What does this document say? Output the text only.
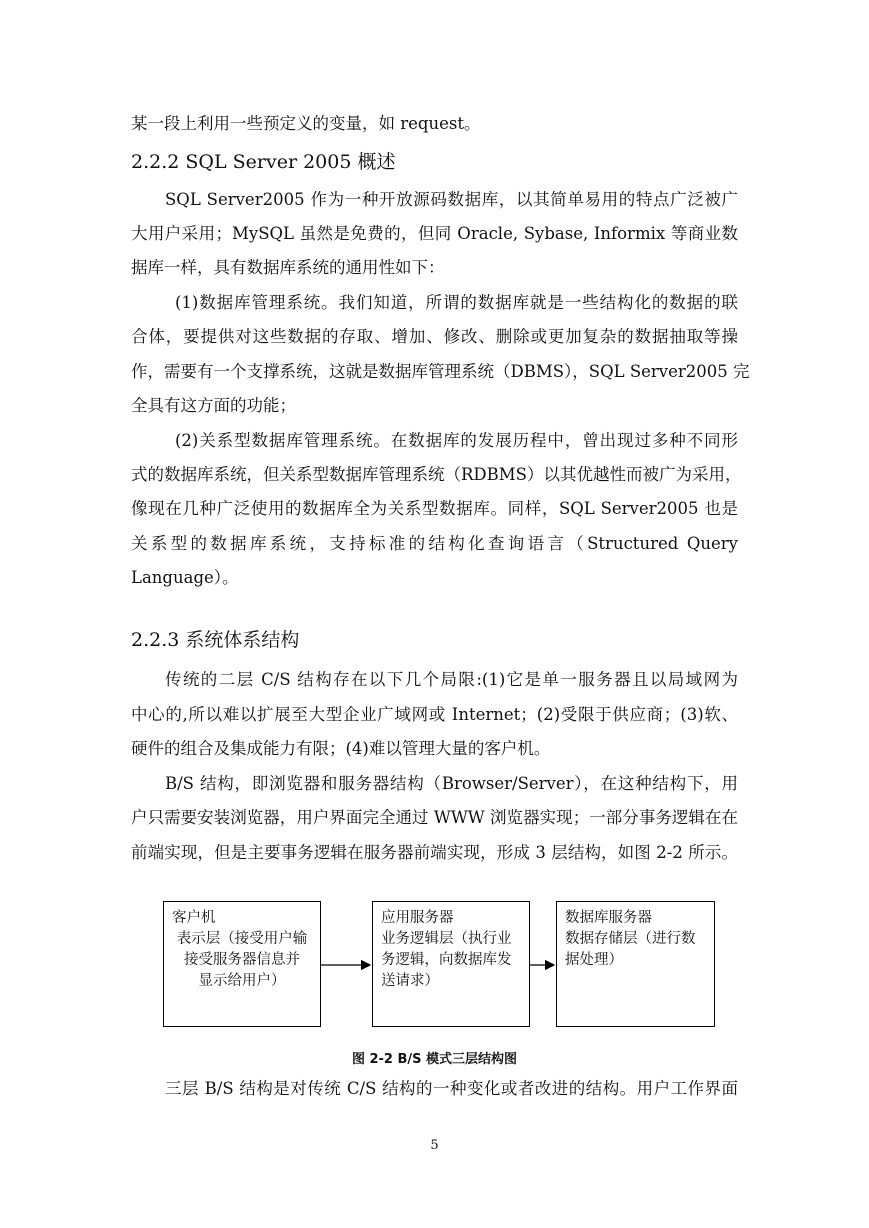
某一段上利用一些预定义的变量，如 request。
2.2.2 SQL Server 2005 概述
SQL Server2005 作为一种开放源码数据库，以其简单易用的特点广泛被广
大用户采用；MySQL 虽然是免费的，但同 Oracle, Sybase, Informix 等商业数
据库一样，具有数据库系统的通用性如下：
(1)数据库管理系统。我们知道，所谓的数据库就是一些结构化的数据的联
合体，要提供对这些数据的存取、增加、修改、删除或更加复杂的数据抽取等操
作，需要有一个支撑系统，这就是数据库管理系统（DBMS），SQL Server2005 完
全具有这方面的功能；
(2)关系型数据库管理系统。在数据库的发展历程中，曾出现过多种不同形
式的数据库系统，但关系型数据库管理系统（RDBMS）以其优越性而被广为采用，
像现在几种广泛使用的数据库全为关系型数据库。同样，SQL Server2005 也是
关系型的数据库系统，支持标准的结构化查询语言（Structured Query
Language）。
2.2.3 系统体系结构
传统的二层 C/S 结构存在以下几个局限:(1)它是单一服务器且以局域网为
中心的,所以难以扩展至大型企业广域网或 Internet；(2)受限于供应商；(3)软、
硬件的组合及集成能力有限；(4)难以管理大量的客户机。
B/S 结构，即浏览器和服务器结构（Browser/Server），在这种结构下，用
户只需要安装浏览器，用户界面完全通过 WWW 浏览器实现；一部分事务逻辑在在
前端实现，但是主要事务逻辑在服务器前端实现，形成 3 层结构，如图 2-2 所示。
客户机
表示层（接受用户输
接受服务器信息并
显示给用户）
应用服务器
业务逻辑层（执行业
务逻辑，向数据库发
送请求）
数据库服务器
数据存储层（进行数
据处理）
图 2-2 B/S 模式三层结构图
三层 B/S 结构是对传统 C/S 结构的一种变化或者改进的结构。用户工作界面
5
